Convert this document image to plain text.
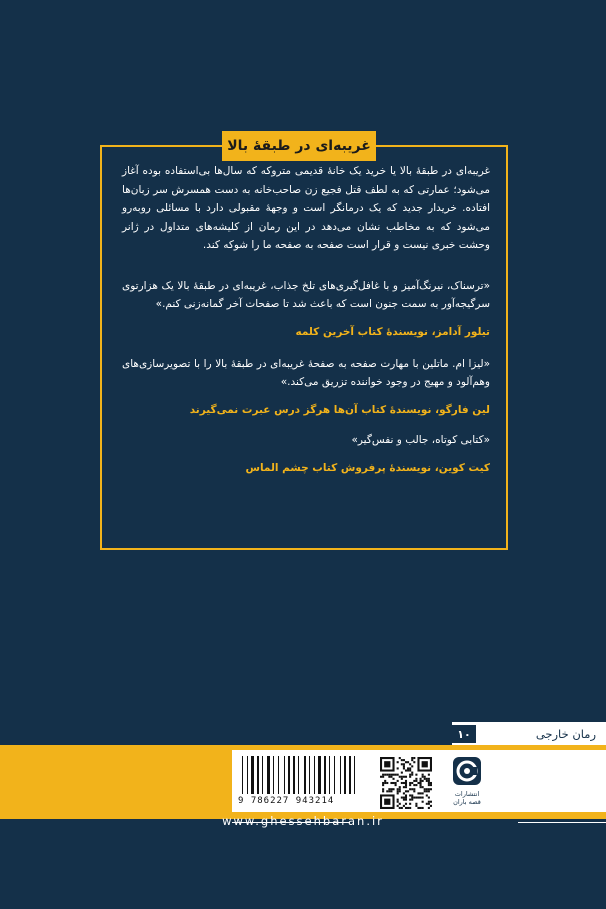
غریبه‌ای در طبقهٔ بالا

غریبه‌ای در طبقهٔ بالا یا خرید یک خانهٔ قدیمی متروکه که سال‌ها بی‌استفاده بوده آغاز می‌شود؛ عمارتی که به لطف قتل فجیع زن صاحب‌خانه به دست همسرش سر زبان‌ها افتاده. خریدار جدید که یک درمانگر است و وجههٔ مقبولی دارد با مسائلی روبه‌رو می‌شود که به مخاطب نشان می‌دهد در این رمان از کلیشه‌های متداول در ژانر وحشت خبری نیست و قرار است صفحه به صفحه ما را شوکه کند.

«ترسناک، نیرنگ‌آمیز و با غافل‌گیری‌های تلخ جذاب، غریبه‌ای در طبقهٔ بالا یک هزارتوی سرگیجه‌آور به سمت جنون است که باعث شد تا صفحات آخر گمانه‌زنی کنم.»

تیلور آدامز، نویسندهٔ کتاب آخرین کلمه

«لیزا ام. ماتلین با مهارت صفحه به صفحهٔ غریبه‌ای در طبقهٔ بالا را با تصویرسازی‌های وهم‌آلود و مهیج در وجود خواننده تزریق می‌کند.»

لین فارگو، نویسندهٔ کتاب آن‌ها هرگز درس عبرت نمی‌گیرند

«کتابی کوتاه، جالب و نفس‌گیر»

کیت کوین، نویسندهٔ پرفروش کتاب چشم الماس

رمان خارجی
۱۰
9 786227 943214
انتشارات
قصه باران
www.ghessehbaran.ir
